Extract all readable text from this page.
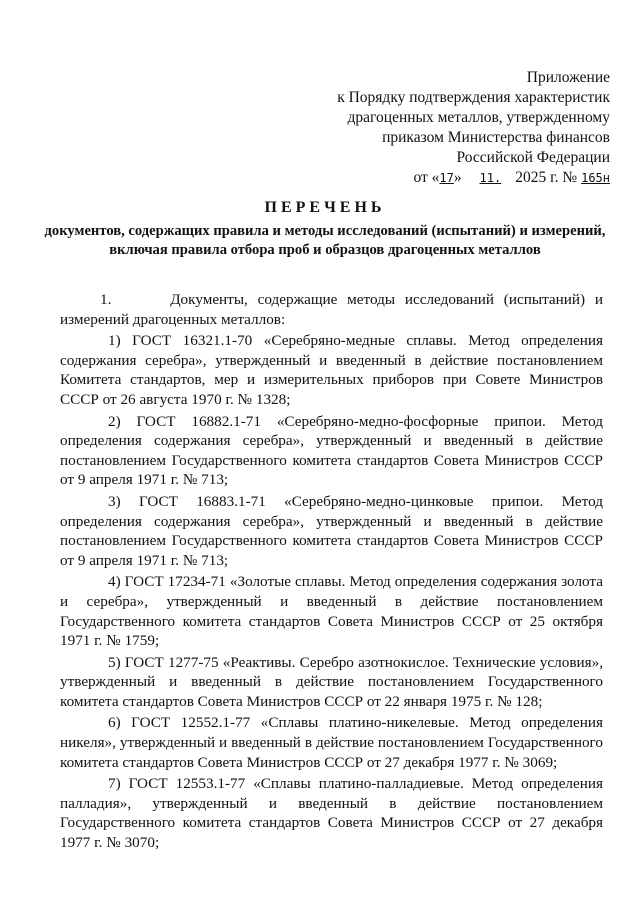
Приложение
к Порядку подтверждения характеристик
драгоценных металлов, утвержденному
приказом Министерства финансов
Российской Федерации
от «17» 11. 2025 г. № 165н
ПЕРЕЧЕНЬ
документов, содержащих правила и методы исследований (испытаний) и измерений, включая правила отбора проб и образцов драгоценных металлов

1.      Документы, содержащие методы исследований (испытаний) и измерений драгоценных металлов:

1) ГОСТ 16321.1-70 «Серебряно-медные сплавы. Метод определения содержания серебра», утвержденный и введенный в действие постановлением Комитета стандартов, мер и измерительных приборов при Совете Министров СССР от 26 августа 1970 г. № 1328;

2) ГОСТ 16882.1-71 «Серебряно-медно-фосфорные припои. Метод определения содержания серебра», утвержденный и введенный в действие постановлением Государственного комитета стандартов Совета Министров СССР от 9 апреля 1971 г. № 713;

3) ГОСТ 16883.1-71 «Серебряно-медно-цинковые припои. Метод определения содержания серебра», утвержденный и введенный в действие постановлением Государственного комитета стандартов Совета Министров СССР от 9 апреля 1971 г. № 713;

4) ГОСТ 17234-71 «Золотые сплавы. Метод определения содержания золота и серебра», утвержденный и введенный в действие постановлением Государственного комитета стандартов Совета Министров СССР от 25 октября 1971 г. № 1759;

5) ГОСТ 1277-75 «Реактивы. Серебро азотнокислое. Технические условия», утвержденный и введенный в действие постановлением Государственного комитета стандартов Совета Министров СССР от 22 января 1975 г. № 128;

6) ГОСТ 12552.1-77 «Сплавы платино-никелевые. Метод определения никеля», утвержденный и введенный в действие постановлением Государственного комитета стандартов Совета Министров СССР от 27 декабря 1977 г. № 3069;

7) ГОСТ 12553.1-77 «Сплавы платино-палладиевые. Метод определения палладия», утвержденный и введенный в действие постановлением Государственного комитета стандартов Совета Министров СССР от 27 декабря 1977 г. № 3070;
